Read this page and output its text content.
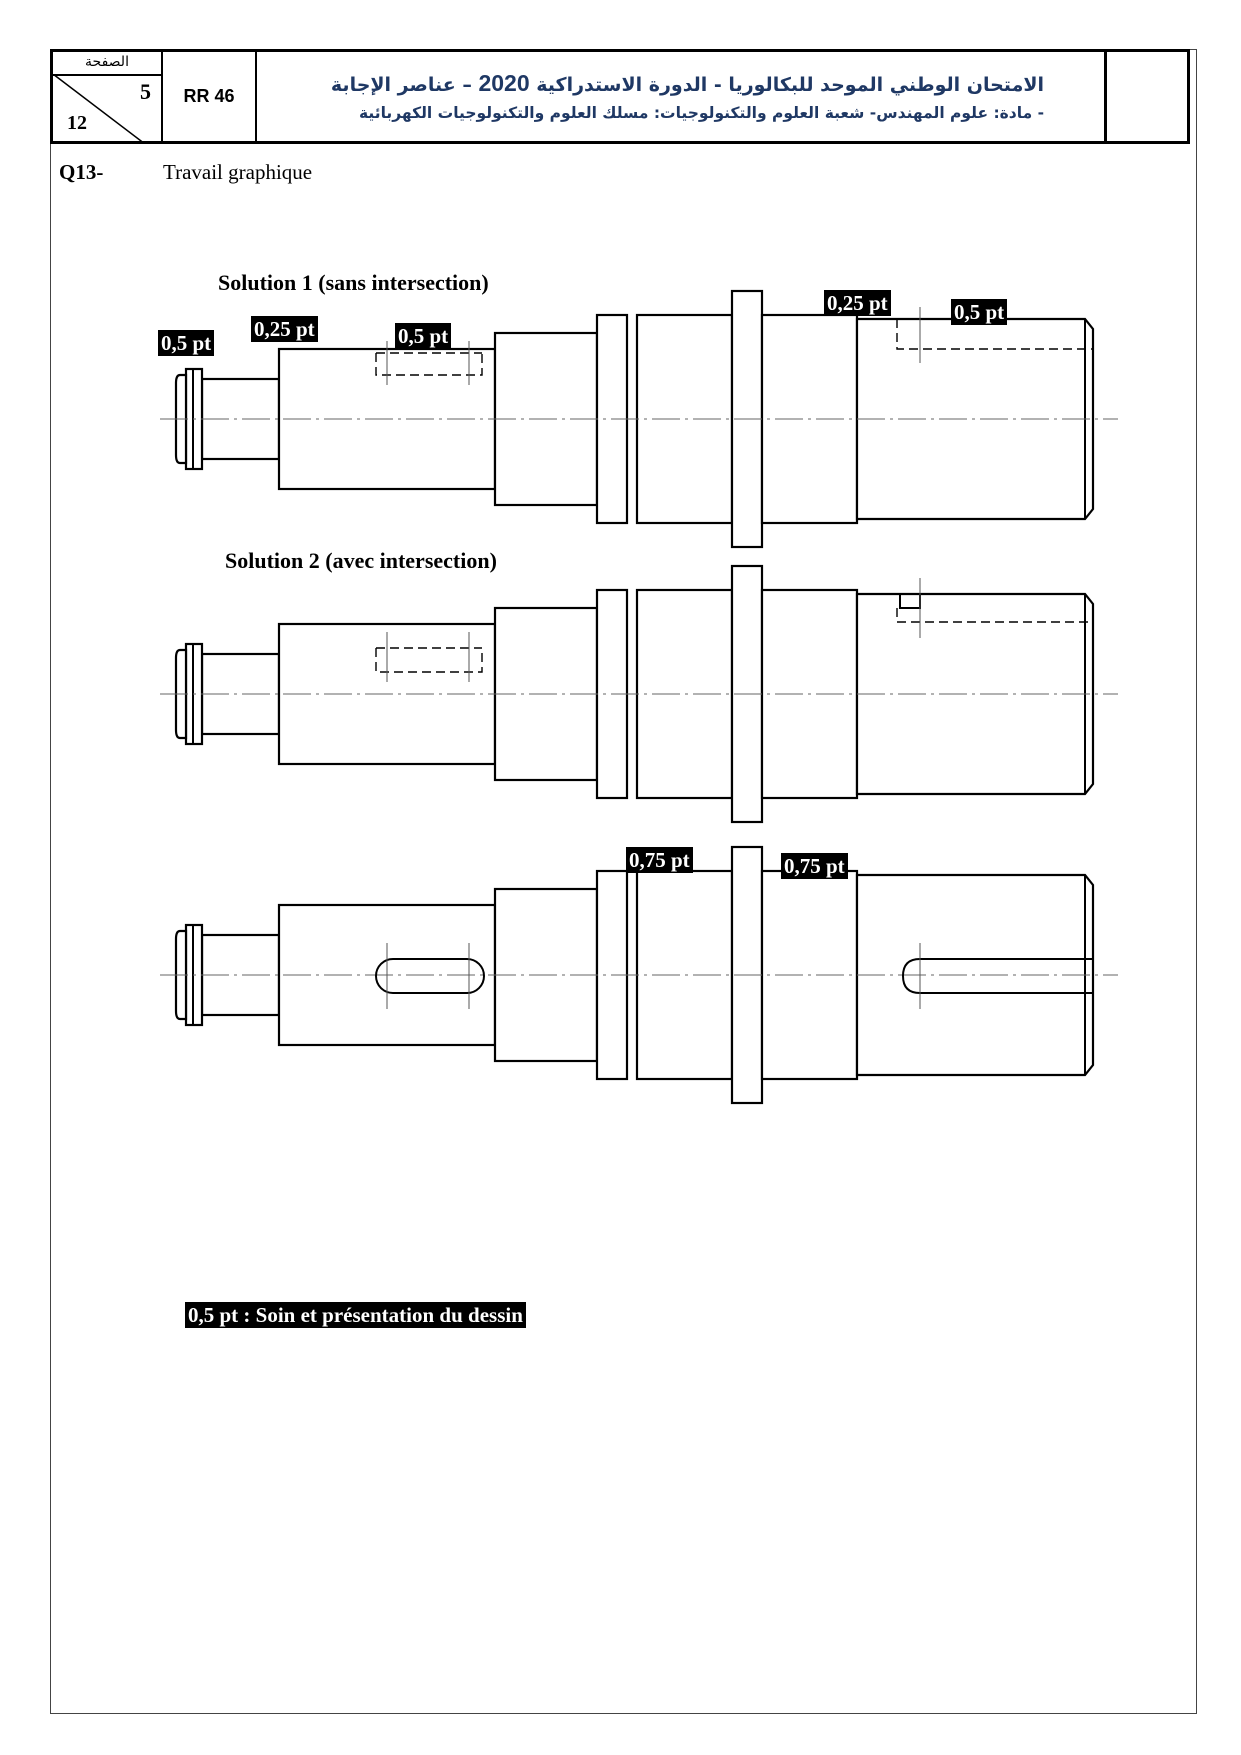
الصفحة
5
12
RR 46
الامتحان الوطني الموحد للبكالوريا - الدورة الاستدراكية 2020 – عناصر الإجابة
- مادة: علوم المهندس- شعبة العلوم والتكنولوجيات: مسلك العلوم والتكنولوجيات الكهربائية
Q13-	Travail graphique
Solution 1 (sans intersection)
0,5 pt
0,25 pt	0,5 pt
0,25 pt	0,5 pt
Solution 2 (avec intersection)
0,75 pt	0,75 pt
0,5 pt : Soin et présentation du dessin
